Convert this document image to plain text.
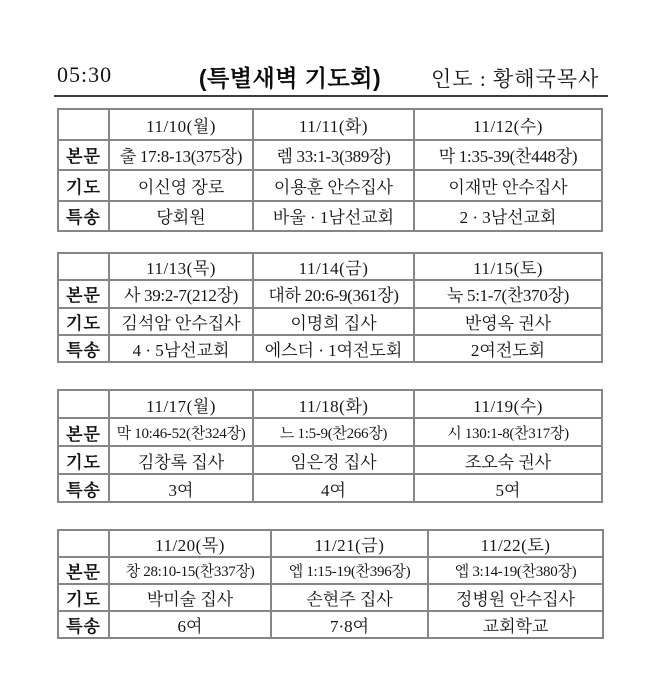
05:30	(특별새벽 기도회)	인도 : 황해국목사
	11/10(월)	11/11(화)	11/12(수)
본문	출 17:8-13(375장)	렘 33:1-3(389장)	막 1:35-39(찬448장)
기도	이신영 장로	이용훈 안수집사	이재만 안수집사
특송	당회원	바울 · 1남선교회	2 · 3남선교회
	11/13(목)	11/14(금)	11/15(토)
본문	사 39:2-7(212장)	대하 20:6-9(361장)	눅 5:1-7(찬370장)
기도	김석암 안수집사	이명희 집사	반영옥 권사
특송	4 · 5남선교회	에스더 · 1여전도회	2여전도회
	11/17(월)	11/18(화)	11/19(수)
본문	막 10:46-52(찬324장)	느 1:5-9(찬266장)	시 130:1-8(찬317장)
기도	김창록 집사	임은정 집사	조오숙 권사
특송	3여	4여	5여
	11/20(목)	11/21(금)	11/22(토)
본문	창 28:10-15(찬337장)	엡 1:15-19(찬396장)	엡 3:14-19(찬380장)
기도	박미술 집사	손현주 집사	정병원 안수집사
특송	6여	7·8여	교회학교
